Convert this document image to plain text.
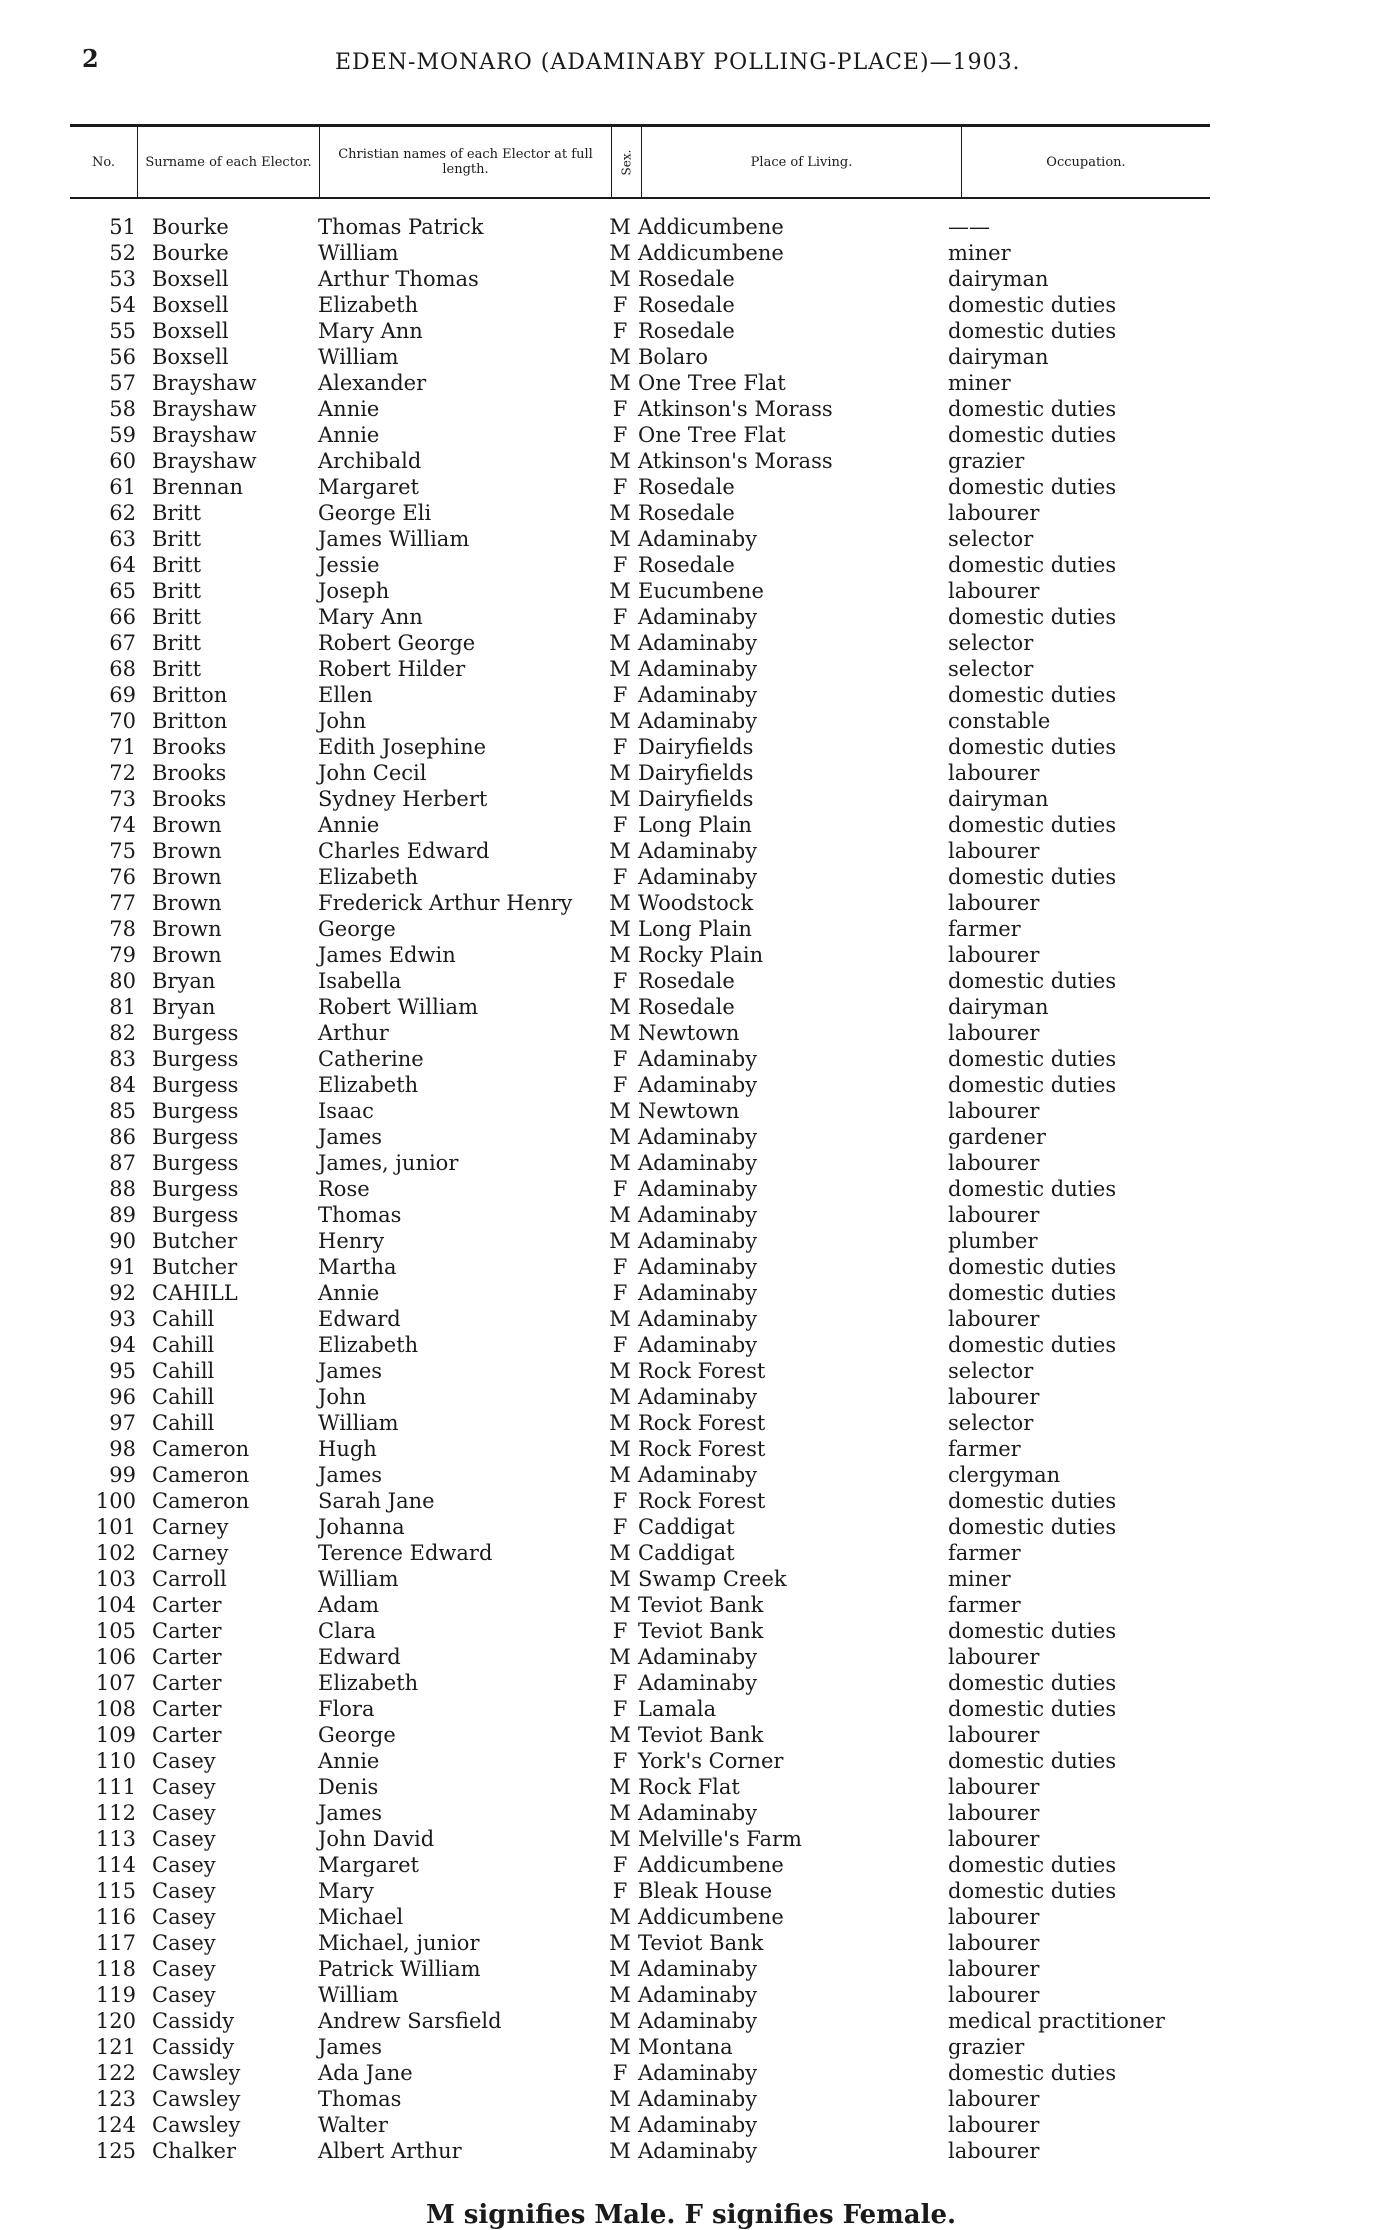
2	EDEN-MONARO (ADAMINABY POLLING-PLACE)—1903.
No.	Surname of each Elector.	Christian names of each Elector at full length.	Sex.	Place of Living.	Occupation.
51 Bourke	Thomas Patrick	M Addicumbene	——
52 Bourke	William	M Addicumbene	miner
53 Boxsell	Arthur Thomas	M Rosedale	dairyman
54 Boxsell	Elizabeth	F Rosedale	domestic duties
55 Boxsell	Mary Ann	F Rosedale	domestic duties
56 Boxsell	William	M Bolaro	dairyman
57 Brayshaw	Alexander	M One Tree Flat	miner
58 Brayshaw	Annie	F Atkinson's Morass	domestic duties
59 Brayshaw	Annie	F One Tree Flat	domestic duties
60 Brayshaw	Archibald	M Atkinson's Morass	grazier
61 Brennan	Margaret	F Rosedale	domestic duties
62 Britt	George Eli	M Rosedale	labourer
63 Britt	James William	M Adaminaby	selector
64 Britt	Jessie	F Rosedale	domestic duties
65 Britt	Joseph	M Eucumbene	labourer
66 Britt	Mary Ann	F Adaminaby	domestic duties
67 Britt	Robert George	M Adaminaby	selector
68 Britt	Robert Hilder	M Adaminaby	selector
69 Britton	Ellen	F Adaminaby	domestic duties
70 Britton	John	M Adaminaby	constable
71 Brooks	Edith Josephine	F Dairyfields	domestic duties
72 Brooks	John Cecil	M Dairyfields	labourer
73 Brooks	Sydney Herbert	M Dairyfields	dairyman
74 Brown	Annie	F Long Plain	domestic duties
75 Brown	Charles Edward	M Adaminaby	labourer
76 Brown	Elizabeth	F Adaminaby	domestic duties
77 Brown	Frederick Arthur Henry M Woodstock	labourer
78 Brown	George	M Long Plain	farmer
79 Brown	James Edwin	M Rocky Plain	labourer
80 Bryan	Isabella	F Rosedale	domestic duties
81 Bryan	Robert William	M Rosedale	dairyman
82 Burgess	Arthur	M Newtown	labourer
83 Burgess	Catherine	F Adaminaby	domestic duties
84 Burgess	Elizabeth	F Adaminaby	domestic duties
85 Burgess	Isaac	M Newtown	labourer
86 Burgess	James	M Adaminaby	gardener
87 Burgess	James, junior	M Adaminaby	labourer
88 Burgess	Rose	F Adaminaby	domestic duties
89 Burgess	Thomas	M Adaminaby	labourer
90 Butcher	Henry	M Adaminaby	plumber
91 Butcher	Martha	F Adaminaby	domestic duties
92 CAHILL	Annie	F Adaminaby	domestic duties
93 Cahill	Edward	M Adaminaby	labourer
94 Cahill	Elizabeth	F Adaminaby	domestic duties
95 Cahill	James	M Rock Forest	selector
96 Cahill	John	M Adaminaby	labourer
97 Cahill	William	M Rock Forest	selector
98 Cameron	Hugh	M Rock Forest	farmer
99 Cameron	James	M Adaminaby	clergyman
100 Cameron	Sarah Jane	F Rock Forest	domestic duties
101 Carney	Johanna	F Caddigat	domestic duties
102 Carney	Terence Edward	M Caddigat	farmer
103 Carroll	William	M Swamp Creek	miner
104 Carter	Adam	M Teviot Bank	farmer
105 Carter	Clara	F Teviot Bank	domestic duties
106 Carter	Edward	M Adaminaby	labourer
107 Carter	Elizabeth	F Adaminaby	domestic duties
108 Carter	Flora	F Lamala	domestic duties
109 Carter	George	M Teviot Bank	labourer
110 Casey	Annie	F York's Corner	domestic duties
111 Casey	Denis	M Rock Flat	labourer
112 Casey	James	M Adaminaby	labourer
113 Casey	John David	M Melville's Farm	labourer
114 Casey	Margaret	F Addicumbene	domestic duties
115 Casey	Mary	F Bleak House	domestic duties
116 Casey	Michael	M Addicumbene	labourer
117 Casey	Michael, junior	M Teviot Bank	labourer
118 Casey	Patrick William	M Adaminaby	labourer
119 Casey	William	M Adaminaby	labourer
120 Cassidy	Andrew Sarsfield	M Adaminaby	medical practitioner
121 Cassidy	James	M Montana	grazier
122 Cawsley	Ada Jane	F Adaminaby	domestic duties
123 Cawsley	Thomas	M Adaminaby	labourer
124 Cawsley	Walter	M Adaminaby	labourer
125 Chalker	Albert Arthur	M Adaminaby	labourer
M signifies Male. F signifies Female.
